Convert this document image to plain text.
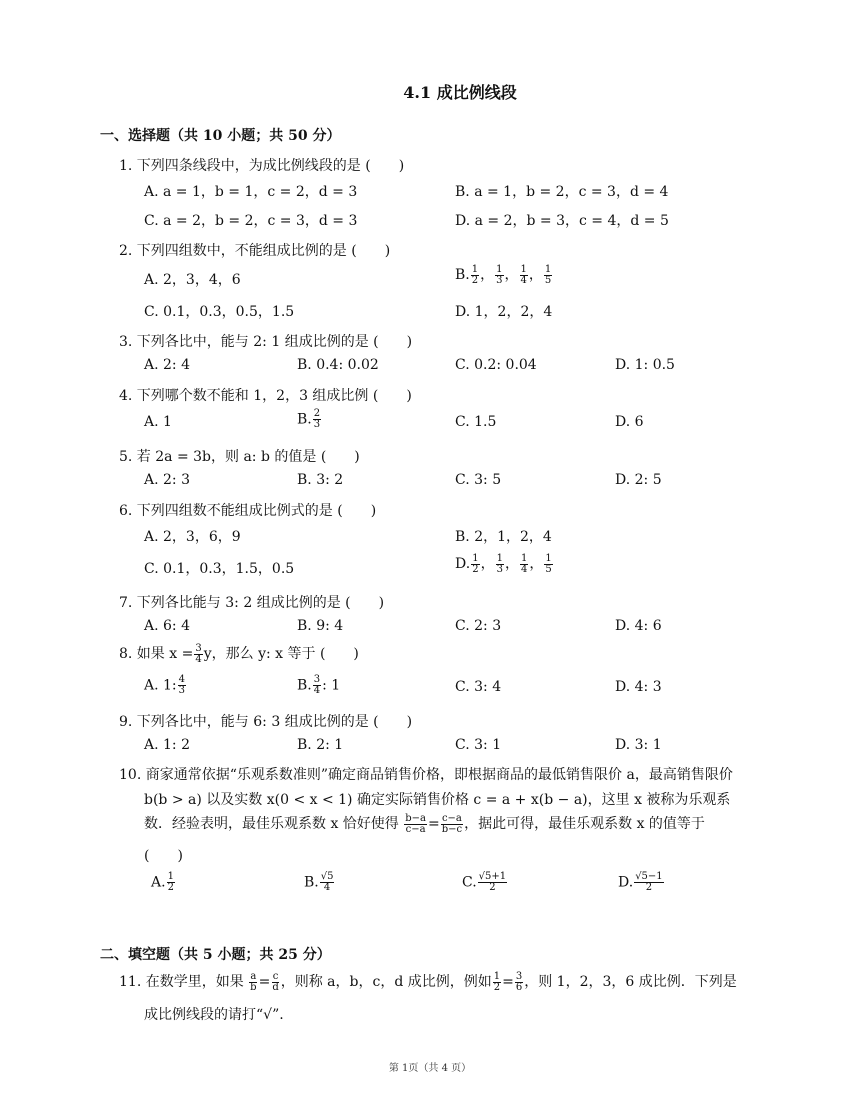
4.1 成比例线段
一、选择题（共 10 小题；共 50 分）
1. 下列四条线段中，为成比例线段的是 (　　)
A. a = 1，b = 1，c = 2，d = 3	B. a = 1，b = 2，c = 3，d = 4
C. a = 2，b = 2，c = 3，d = 3	D. a = 2，b = 3，c = 4，d = 5
2. 下列四组数中，不能组成比例的是 (　　)
A. 2，3，4，6	B. $\frac{1}{2}$ ， $\frac{1}{3}$ ， $\frac{1}{4}$ ， $\frac{1}{5}$
C. 0.1，0.3，0.5，1.5	D. 1，2，2，4
3. 下列各比中，能与 2: 1 组成比例的是 (　　)
A. 2: 4	B. 0.4: 0.02	C. 0.2: 0.04	D. 1: 0.5
4. 下列哪个数不能和 1，2，3 组成比例 (　　)
A. 1	B. $\frac{2}{3}$	C. 1.5	D. 6
5. 若 2a = 3b，则 a: b 的值是 (　　)
A. 2: 3	B. 3: 2	C. 3: 5	D. 2: 5
6. 下列四组数不能组成比例式的是 (　　)
A. 2，3，6，9	B. 2，1，2，4
C. 0.1，0.3，1.5，0.5	D. $\frac{1}{2}$ ， $\frac{1}{3}$ ， $\frac{1}{4}$ ， $\frac{1}{5}$
7. 下列各比能与 3: 2 组成比例的是 (　　)
A. 6: 4	B. 9: 4	C. 2: 3	D. 4: 6
8. 如果 $x = \frac{3}{4}$ y，那么 y: x 等于 (　　)
A. 1: $\frac{4}{3}$	B. $\frac{3}{4}$ : 1	C. 3: 4	D. 4: 3
9. 下列各比中，能与 6: 3 组成比例的是 (　　)
A. 1: 2	B. 2: 1	C. 3: 1	D. 3: 1
10. 商家通常依据“乐观系数准则”确定商品销售价格，即根据商品的最低销售限价 a，最高销售限价
b(b > a) 以及实数 x(0 < x < 1) 确定实际销售价格 c = a + x(b − a)，这里 x 被称为乐观系
数．经验表明，最佳乐观系数 x 恰好使得 $\frac{b-a}{c-a} = \frac{c-a}{b-c}$ ，据此可得，最佳乐观系数 x 的值等于
(　　)
A. $\frac{1}{2}$	B. $\frac{√5}{4}$	C. $\frac{√5+1}{2}$	D. $\frac{√5-1}{2}$
二、填空题（共 5 小题；共 25 分）
11. 在数学里，如果 $\frac{a}{b} = \frac{c}{d}$ ，则称 a，b，c，d 成比例，例如 $\frac{1}{2} = \frac{3}{6}$ ，则 1，2，3，6 成比例．下列是
成比例线段的请打“√”.
第 1页（共 4 页）
